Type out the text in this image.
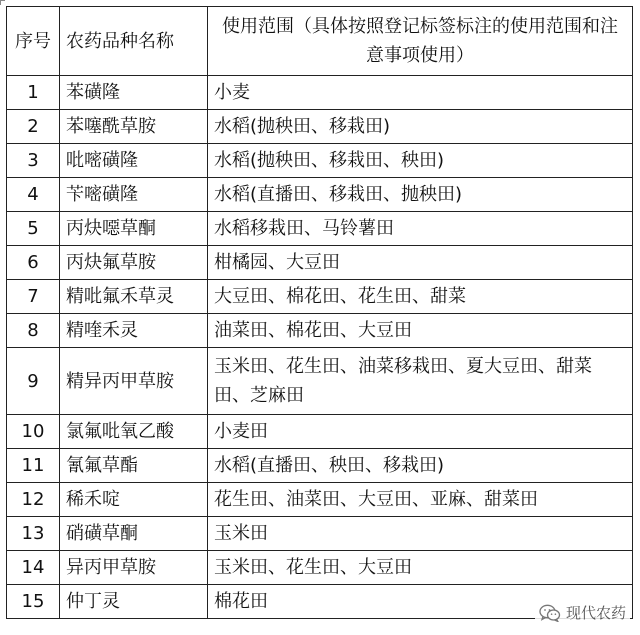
序号	农药品种名称	使用范围（具体按照登记标签标注的使用范围和注意事项使用）
1	苯磺隆	小麦
2	苯噻酰草胺	水稻(抛秧田、移栽田)
3	吡嘧磺隆	水稻(抛秧田、移栽田、秧田)
4	苄嘧磺隆	水稻(直播田、移栽田、抛秧田)
5	丙炔噁草酮	水稻移栽田、马铃薯田
6	丙炔氟草胺	柑橘园、大豆田
7	精吡氟禾草灵	大豆田、棉花田、花生田、甜菜
8	精喹禾灵	油菜田、棉花田、大豆田
9	精异丙甲草胺	玉米田、花生田、油菜移栽田、夏大豆田、甜菜田、芝麻田
10	氯氟吡氧乙酸	小麦田
11	氰氟草酯	水稻(直播田、秧田、移栽田)
12	稀禾啶	花生田、油菜田、大豆田、亚麻、甜菜田
13	硝磺草酮	玉米田
14	异丙甲草胺	玉米田、花生田、大豆田
15	仲丁灵	棉花田
现代农药
